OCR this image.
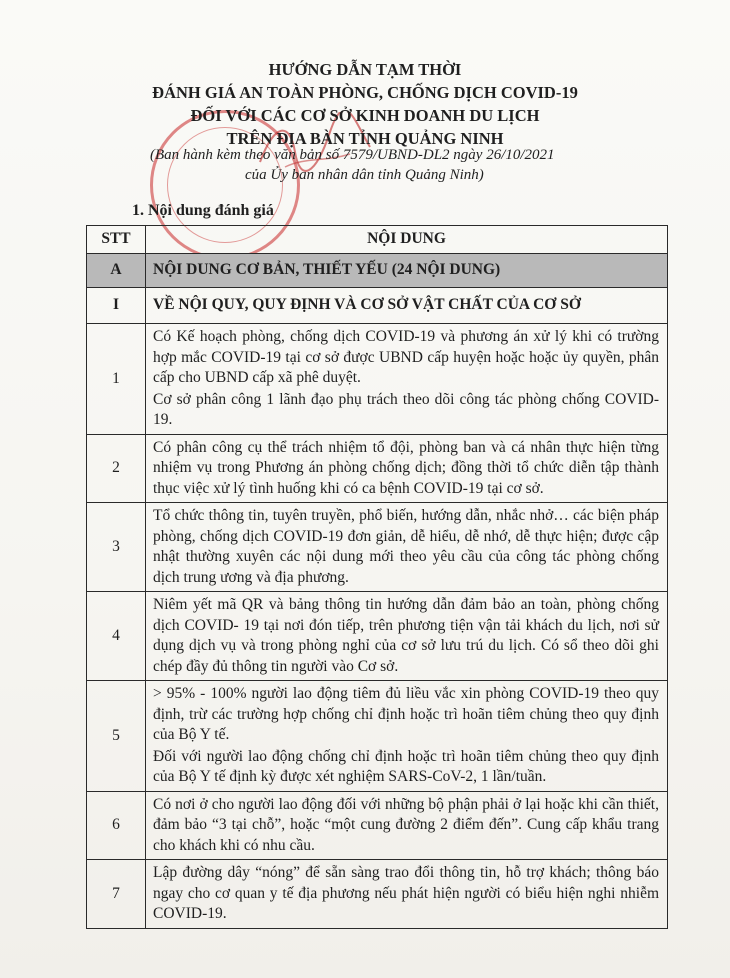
HƯỚNG DẪN TẠM THỜI
ĐÁNH GIÁ AN TOÀN PHÒNG, CHỐNG DỊCH COVID-19
ĐỐI VỚI CÁC CƠ SỞ KINH DOANH DU LỊCH
TRÊN ĐỊA BÀN TỈNH QUẢNG NINH
(Ban hành kèm theo văn bản số 7579/UBND-DL2 ngày 26/10/2021
của Ủy ban nhân dân tỉnh Quảng Ninh)
1. Nội dung đánh giá
STT	NỘI DUNG
A	NỘI DUNG CƠ BẢN, THIẾT YẾU (24 NỘI DUNG)
I	VỀ NỘI QUY, QUY ĐỊNH VÀ CƠ SỞ VẬT CHẤT CỦA CƠ SỞ
1	Có Kế hoạch phòng, chống dịch COVID-19 và phương án xử lý khi có trường hợp mắc COVID-19 tại cơ sở được UBND cấp huyện hoặc hoặc ủy quyền, phân cấp cho UBND cấp xã phê duyệt.

Cơ sở phân công 1 lãnh đạo phụ trách theo dõi công tác phòng chống COVID-19.

2	Có phân công cụ thể trách nhiệm tổ đội, phòng ban và cá nhân thực hiện từng nhiệm vụ trong Phương án phòng chống dịch; đồng thời tổ chức diễn tập thành thục việc xử lý tình huống khi có ca bệnh COVID-19 tại cơ sở.

3	Tổ chức thông tin, tuyên truyền, phổ biến, hướng dẫn, nhắc nhở… các biện pháp phòng, chống dịch COVID-19 đơn giản, dễ hiểu, dễ nhớ, dễ thực hiện; được cập nhật thường xuyên các nội dung mới theo yêu cầu của công tác phòng chống dịch trung ương và địa phương.

4	Niêm yết mã QR và bảng thông tin hướng dẫn đảm bảo an toàn, phòng chống dịch COVID- 19 tại nơi đón tiếp, trên phương tiện vận tải khách du lịch, nơi sử dụng dịch vụ và trong phòng nghỉ của cơ sở lưu trú du lịch. Có sổ theo dõi ghi chép đầy đủ thông tin người vào Cơ sở.

5	> 95% - 100% người lao động tiêm đủ liều vắc xin phòng COVID-19 theo quy định, trừ các trường hợp chống chỉ định hoặc trì hoãn tiêm chủng theo quy định của Bộ Y tế.

Đối với người lao động chống chỉ định hoặc trì hoãn tiêm chủng theo quy định của Bộ Y tế định kỳ được xét nghiệm SARS-CoV-2, 1 lần/tuần.

6	Có nơi ở cho người lao động đối với những bộ phận phải ở lại hoặc khi cần thiết, đảm bảo “3 tại chỗ”, hoặc “một cung đường 2 điểm đến”. Cung cấp khẩu trang cho khách khi có nhu cầu.

7	Lập đường dây “nóng” để sẵn sàng trao đổi thông tin, hỗ trợ khách; thông báo ngay cho cơ quan y tế địa phương nếu phát hiện người có biểu hiện nghi nhiễm COVID-19.
